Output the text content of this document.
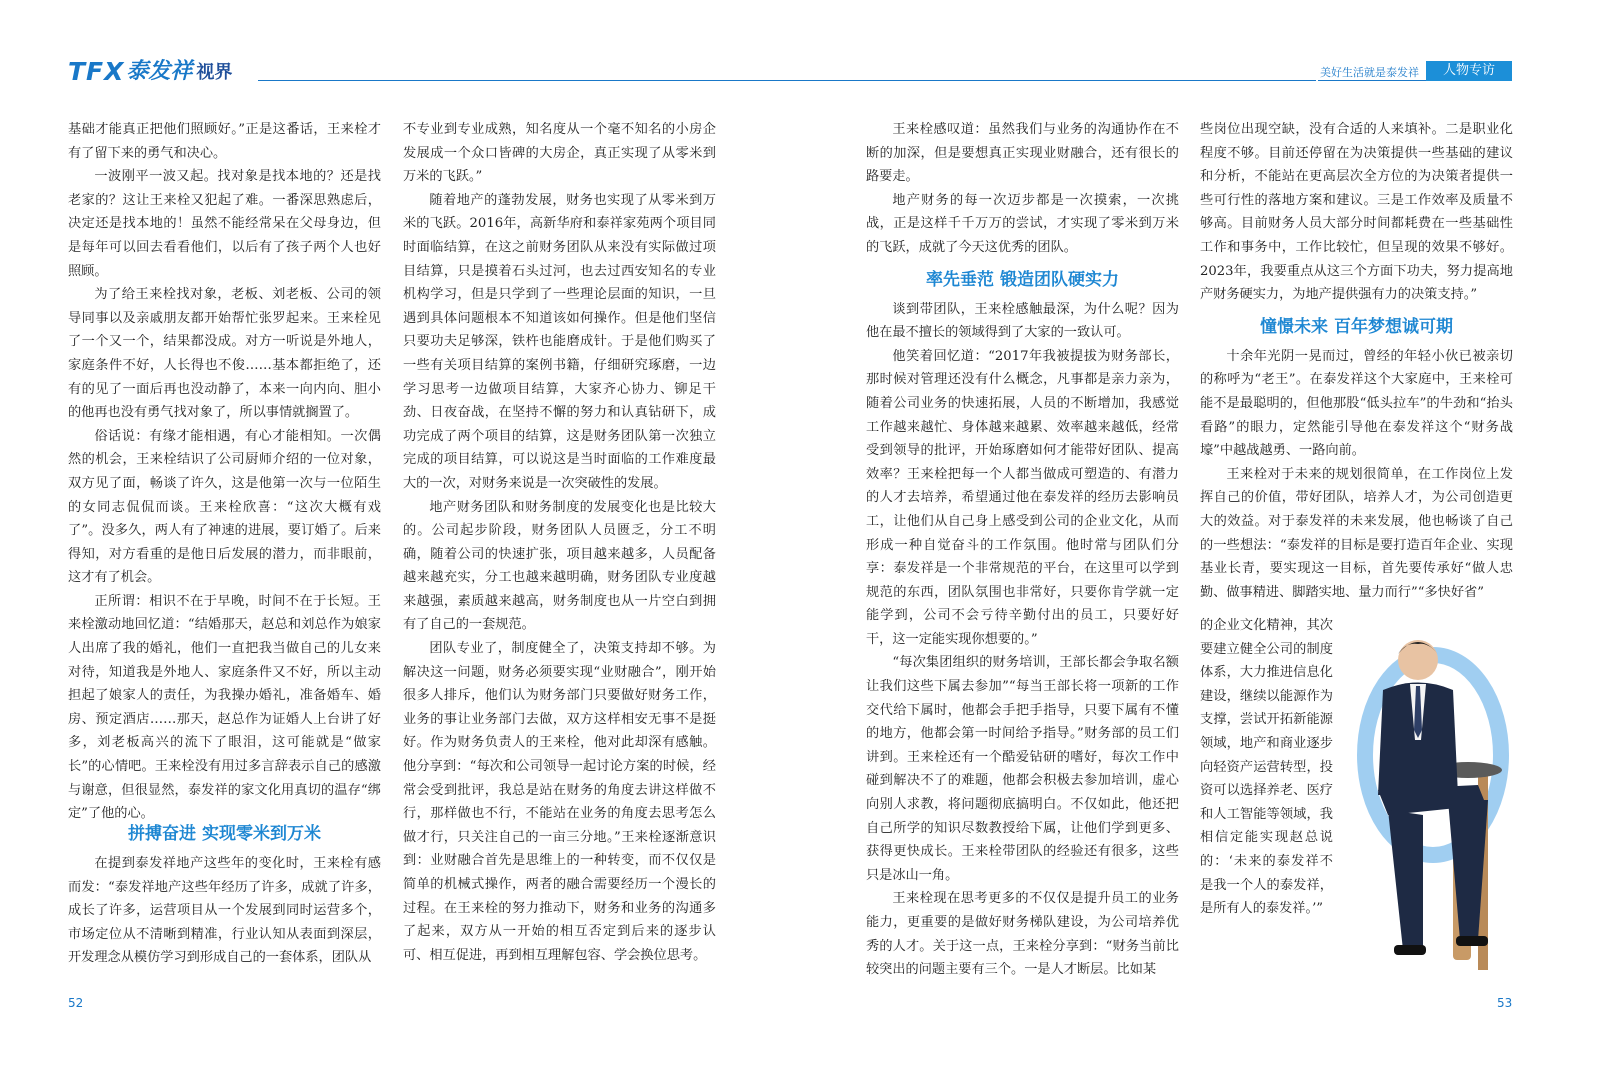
TFX 泰发祥 视界	美好生活就是泰发祥	人物专访

基础才能真正把他们照顾好。”正是这番话，王来栓才有了留下来的勇气和决心。

一波刚平一波又起。找对象是找本地的？还是找老家的？这让王来栓又犯起了难。一番深思熟虑后，决定还是找本地的！虽然不能经常呆在父母身边，但是每年可以回去看看他们，以后有了孩子两个人也好照顾。

为了给王来栓找对象，老板、刘老板、公司的领导同事以及亲戚朋友都开始帮忙张罗起来。王来栓见了一个又一个，结果都没成。对方一听说是外地人，家庭条件不好，人长得也不俊……基本都拒绝了，还有的见了一面后再也没动静了，本来一向内向、胆小的他再也没有勇气找对象了，所以事情就搁置了。

俗话说：有缘才能相遇，有心才能相知。一次偶然的机会，王来栓结识了公司厨师介绍的一位对象，双方见了面，畅谈了许久，这是他第一次与一位陌生的女同志侃侃而谈。王来栓欣喜：“这次大概有戏了”。没多久，两人有了神速的进展，要订婚了。后来得知，对方看重的是他日后发展的潜力，而非眼前，这才有了机会。

正所谓：相识不在于早晚，时间不在于长短。王来栓激动地回忆道：“结婚那天，赵总和刘总作为娘家人出席了我的婚礼，他们一直把我当做自己的儿女来对待，知道我是外地人、家庭条件又不好，所以主动担起了娘家人的责任，为我操办婚礼，准备婚车、婚房、预定酒店……那天，赵总作为证婚人上台讲了好多，刘老板高兴的流下了眼泪，这可能就是“做家长”的心情吧。王来栓没有用过多言辞表示自己的感激与谢意，但很显然，泰发祥的家文化用真切的温存“绑定”了他的心。

拼搏奋进 实现零米到万米

在提到泰发祥地产这些年的变化时，王来栓有感而发：“泰发祥地产这些年经历了许多，成就了许多，成长了许多，运营项目从一个发展到同时运营多个，市场定位从不清晰到精准，行业认知从表面到深层，开发理念从模仿学习到形成自己的一套体系，团队从

不专业到专业成熟，知名度从一个毫不知名的小房企发展成一个众口皆碑的大房企，真正实现了从零米到万米的飞跃。”

随着地产的蓬勃发展，财务也实现了从零米到万米的飞跃。2016年，高新华府和泰祥家苑两个项目同时面临结算，在这之前财务团队从来没有实际做过项目结算，只是摸着石头过河，也去过西安知名的专业机构学习，但是只学到了一些理论层面的知识，一旦遇到具体问题根本不知道该如何操作。但是他们坚信只要功夫足够深，铁杵也能磨成针。于是他们购买了一些有关项目结算的案例书籍，仔细研究琢磨，一边学习思考一边做项目结算，大家齐心协力、铆足干劲、日夜奋战，在坚持不懈的努力和认真钻研下，成功完成了两个项目的结算，这是财务团队第一次独立完成的项目结算，可以说这是当时面临的工作难度最大的一次，对财务来说是一次突破性的发展。

地产财务团队和财务制度的发展变化也是比较大的。公司起步阶段，财务团队人员匮乏，分工不明确，随着公司的快速扩张，项目越来越多，人员配备越来越充实，分工也越来越明确，财务团队专业度越来越强，素质越来越高，财务制度也从一片空白到拥有了自己的一套规范。

团队专业了，制度健全了，决策支持却不够。为解决这一问题，财务必须要实现“业财融合”，刚开始很多人排斥，他们认为财务部门只要做好财务工作，业务的事让业务部门去做，双方这样相安无事不是挺好。作为财务负责人的王来栓，他对此却深有感触。他分享到：“每次和公司领导一起讨论方案的时候，经常会受到批评，我总是站在财务的角度去讲这样做不行，那样做也不行，不能站在业务的角度去思考怎么做才行，只关注自己的一亩三分地。”王来栓逐渐意识到：业财融合首先是思维上的一种转变，而不仅仅是简单的机械式操作，两者的融合需要经历一个漫长的过程。在王来栓的努力推动下，财务和业务的沟通多了起来，双方从一开始的相互否定到后来的逐步认可、相互促进，再到相互理解包容、学会换位思考。

王来栓感叹道：虽然我们与业务的沟通协作在不断的加深，但是要想真正实现业财融合，还有很长的路要走。

地产财务的每一次迈步都是一次摸索，一次挑战，正是这样千千万万的尝试，才实现了零米到万米的飞跃，成就了今天这优秀的团队。

率先垂范 锻造团队硬实力

谈到带团队，王来栓感触最深，为什么呢？因为他在最不擅长的领域得到了大家的一致认可。

他笑着回忆道：“2017年我被提拔为财务部长，那时候对管理还没有什么概念，凡事都是亲力亲为，随着公司业务的快速拓展，人员的不断增加，我感觉工作越来越忙、身体越来越累、效率越来越低，经常受到领导的批评，开始琢磨如何才能带好团队、提高效率？王来栓把每一个人都当做成可塑造的、有潜力的人才去培养，希望通过他在泰发祥的经历去影响员工，让他们从自己身上感受到公司的企业文化，从而形成一种自觉奋斗的工作氛围。他时常与团队们分享：泰发祥是一个非常规范的平台，在这里可以学到规范的东西，团队氛围也非常好，只要你肯学就一定能学到，公司不会亏待辛勤付出的员工，只要好好干，这一定能实现你想要的。”

“每次集团组织的财务培训，王部长都会争取名额让我们这些下属去参加”“每当王部长将一项新的工作交代给下属时，他都会手把手指导，只要下属有不懂的地方，他都会第一时间给予指导。”财务部的员工们讲到。王来栓还有一个酷爱钻研的嗜好，每次工作中碰到解决不了的难题，他都会积极去参加培训，虚心向别人求教，将问题彻底搞明白。不仅如此，他还把自己所学的知识尽数教授给下属，让他们学到更多、获得更快成长。王来栓带团队的经验还有很多，这些只是冰山一角。

王来栓现在思考更多的不仅仅是提升员工的业务能力，更重要的是做好财务梯队建设，为公司培养优秀的人才。关于这一点，王来栓分享到：“财务当前比较突出的问题主要有三个。一是人才断层。比如某

些岗位出现空缺，没有合适的人来填补。二是职业化程度不够。目前还停留在为决策提供一些基础的建议和分析，不能站在更高层次全方位的为决策者提供一些可行性的落地方案和建议。三是工作效率及质量不够高。目前财务人员大部分时间都耗费在一些基础性工作和事务中，工作比较忙，但呈现的效果不够好。2023年，我要重点从这三个方面下功夫，努力提高地产财务硬实力，为地产提供强有力的决策支持。”

憧憬未来 百年梦想诚可期

十余年光阴一晃而过，曾经的年轻小伙已被亲切的称呼为“老王”。在泰发祥这个大家庭中，王来栓可能不是最聪明的，但他那股“低头拉车”的牛劲和“抬头看路”的眼力，定然能引导他在泰发祥这个“财务战壕”中越战越勇、一路向前。

王来栓对于未来的规划很简单，在工作岗位上发挥自己的价值，带好团队，培养人才，为公司创造更大的效益。对于泰发祥的未来发展，他也畅谈了自己的一些想法：“泰发祥的目标是要打造百年企业、实现基业长青，要实现这一目标，首先要传承好“做人忠勤、做事精进、脚踏实地、量力而行”“多快好省”

的企业文化精神，其次要建立健全公司的制度体系，大力推进信息化建设，继续以能源作为支撑，尝试开拓新能源领域，地产和商业逐步向轻资产运营转型，投资可以选择养老、医疗和人工智能等领域，我相信定能实现赵总说的：‘未来的泰发祥不是我一个人的泰发祥，是所有人的泰发祥。’”

52	53
